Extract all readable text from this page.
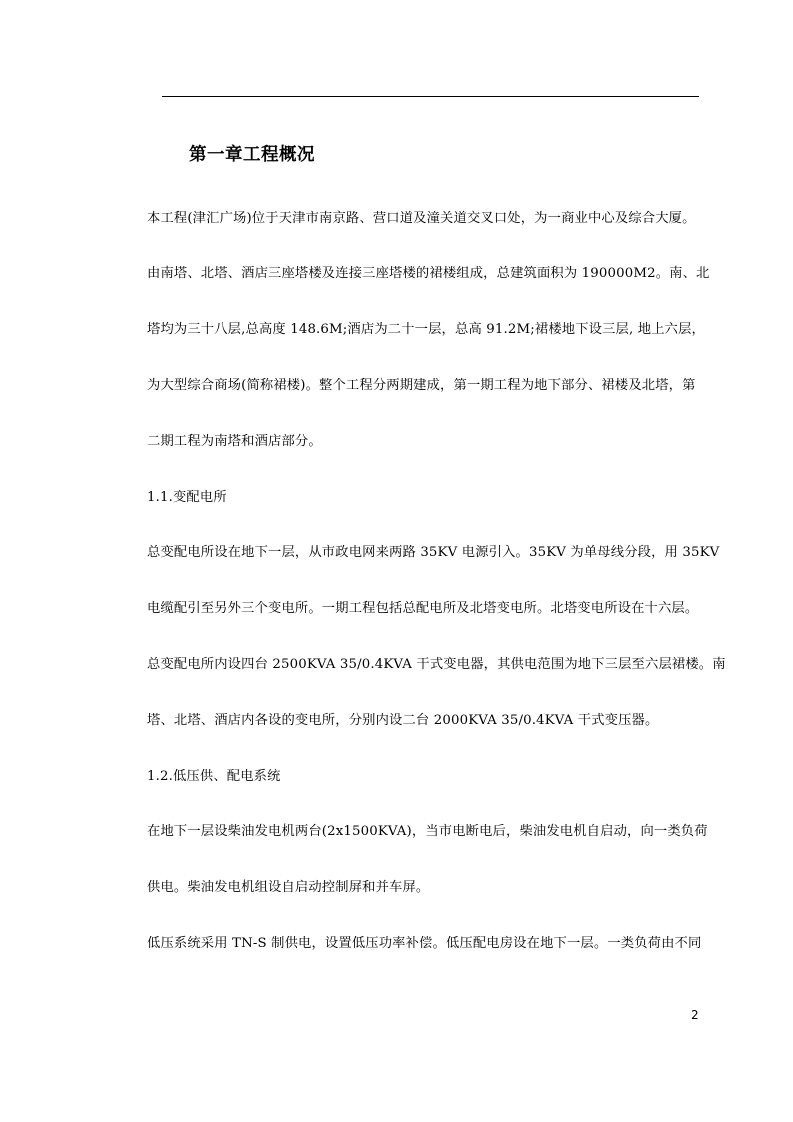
第一章工程概况
本工程(津汇广场)位于天津市南京路、营口道及潼关道交叉口处，为一商业中心及综合大厦。
由南塔、北塔、酒店三座塔楼及连接三座塔楼的裙楼组成，总建筑面积为 190000M2。南、北
塔均为三十八层,总高度 148.6M;酒店为二十一层，总高 91.2M;裙楼地下设三层, 地上六层，
为大型综合商场(简称裙楼)。整个工程分两期建成，第一期工程为地下部分、裙楼及北塔，第
二期工程为南塔和酒店部分。
1.1.变配电所
总变配电所设在地下一层，从市政电网来两路 35KV 电源引入。35KV 为单母线分段，用 35KV
电缆配引至另外三个变电所。一期工程包括总配电所及北塔变电所。北塔变电所设在十六层。
总变配电所内设四台 2500KVA 35/0.4KVA 干式变电器，其供电范围为地下三层至六层裙楼。南
塔、北塔、酒店内各设的变电所，分别内设二台 2000KVA 35/0.4KVA 干式变压器。
1.2.低压供、配电系统
在地下一层设柴油发电机两台(2x1500KVA)，当市电断电后，柴油发电机自启动，向一类负荷
供电。柴油发电机组设自启动控制屏和并车屏。
低压系统采用 TN-S 制供电，设置低压功率补偿。低压配电房设在地下一层。一类负荷由不同
2
